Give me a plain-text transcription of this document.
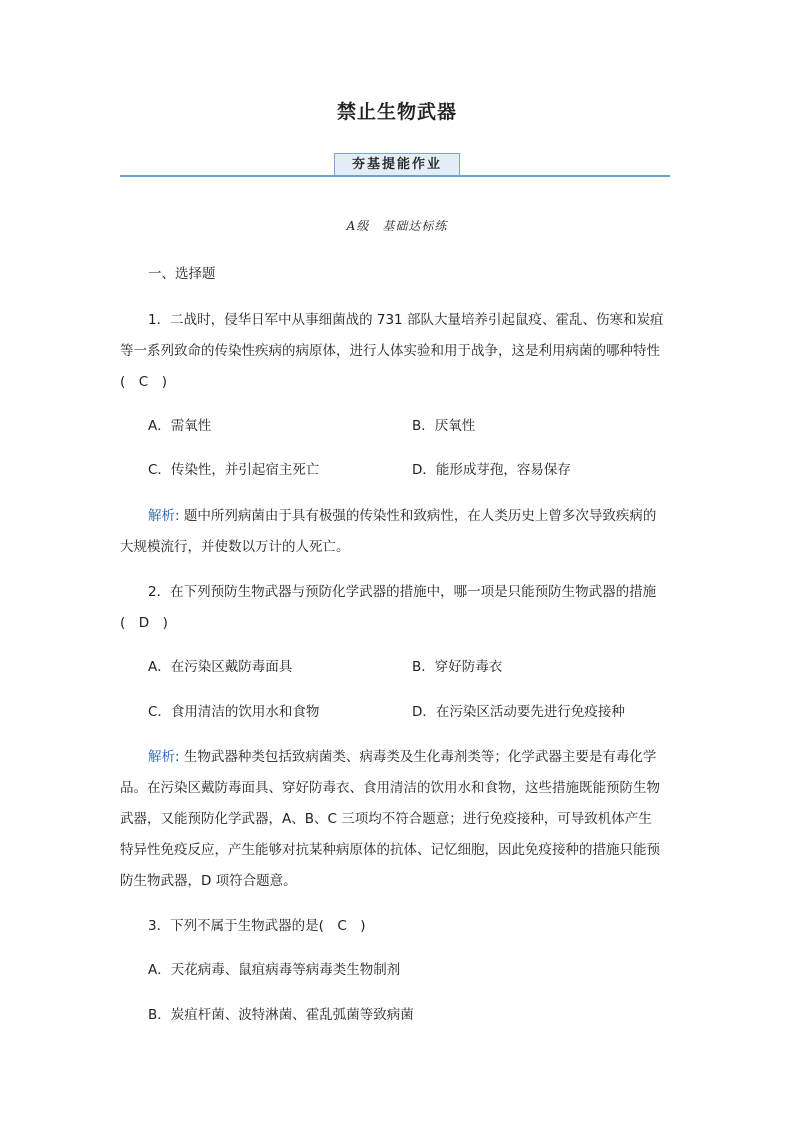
禁止生物武器
夯基提能作业
A级　基础达标练
一、选择题
1．二战时，侵华日军中从事细菌战的 731 部队大量培养引起鼠疫、霍乱、伤寒和炭疽
等一系列致命的传染性疾病的病原体，进行人体实验和用于战争，这是利用病菌的哪种特性
(　C　)
A．需氧性	B．厌氧性
C．传染性，并引起宿主死亡	D．能形成芽孢，容易保存
解析: 题中所列病菌由于具有极强的传染性和致病性，在人类历史上曾多次导致疾病的
大规模流行，并使数以万计的人死亡。
2．在下列预防生物武器与预防化学武器的措施中，哪一项是只能预防生物武器的措施
(　D　)
A．在污染区戴防毒面具	B．穿好防毒衣
C．食用清洁的饮用水和食物	D．在污染区活动要先进行免疫接种
解析: 生物武器种类包括致病菌类、病毒类及生化毒剂类等；化学武器主要是有毒化学
品。在污染区戴防毒面具、穿好防毒衣、食用清洁的饮用水和食物，这些措施既能预防生物
武器，又能预防化学武器，A、B、C 三项均不符合题意；进行免疫接种，可导致机体产生
特异性免疫反应，产生能够对抗某种病原体的抗体、记忆细胞，因此免疫接种的措施只能预
防生物武器，D 项符合题意。
3．下列不属于生物武器的是(　C　)
A．天花病毒、鼠疽病毒等病毒类生物制剂
B．炭疽杆菌、波特淋菌、霍乱弧菌等致病菌
